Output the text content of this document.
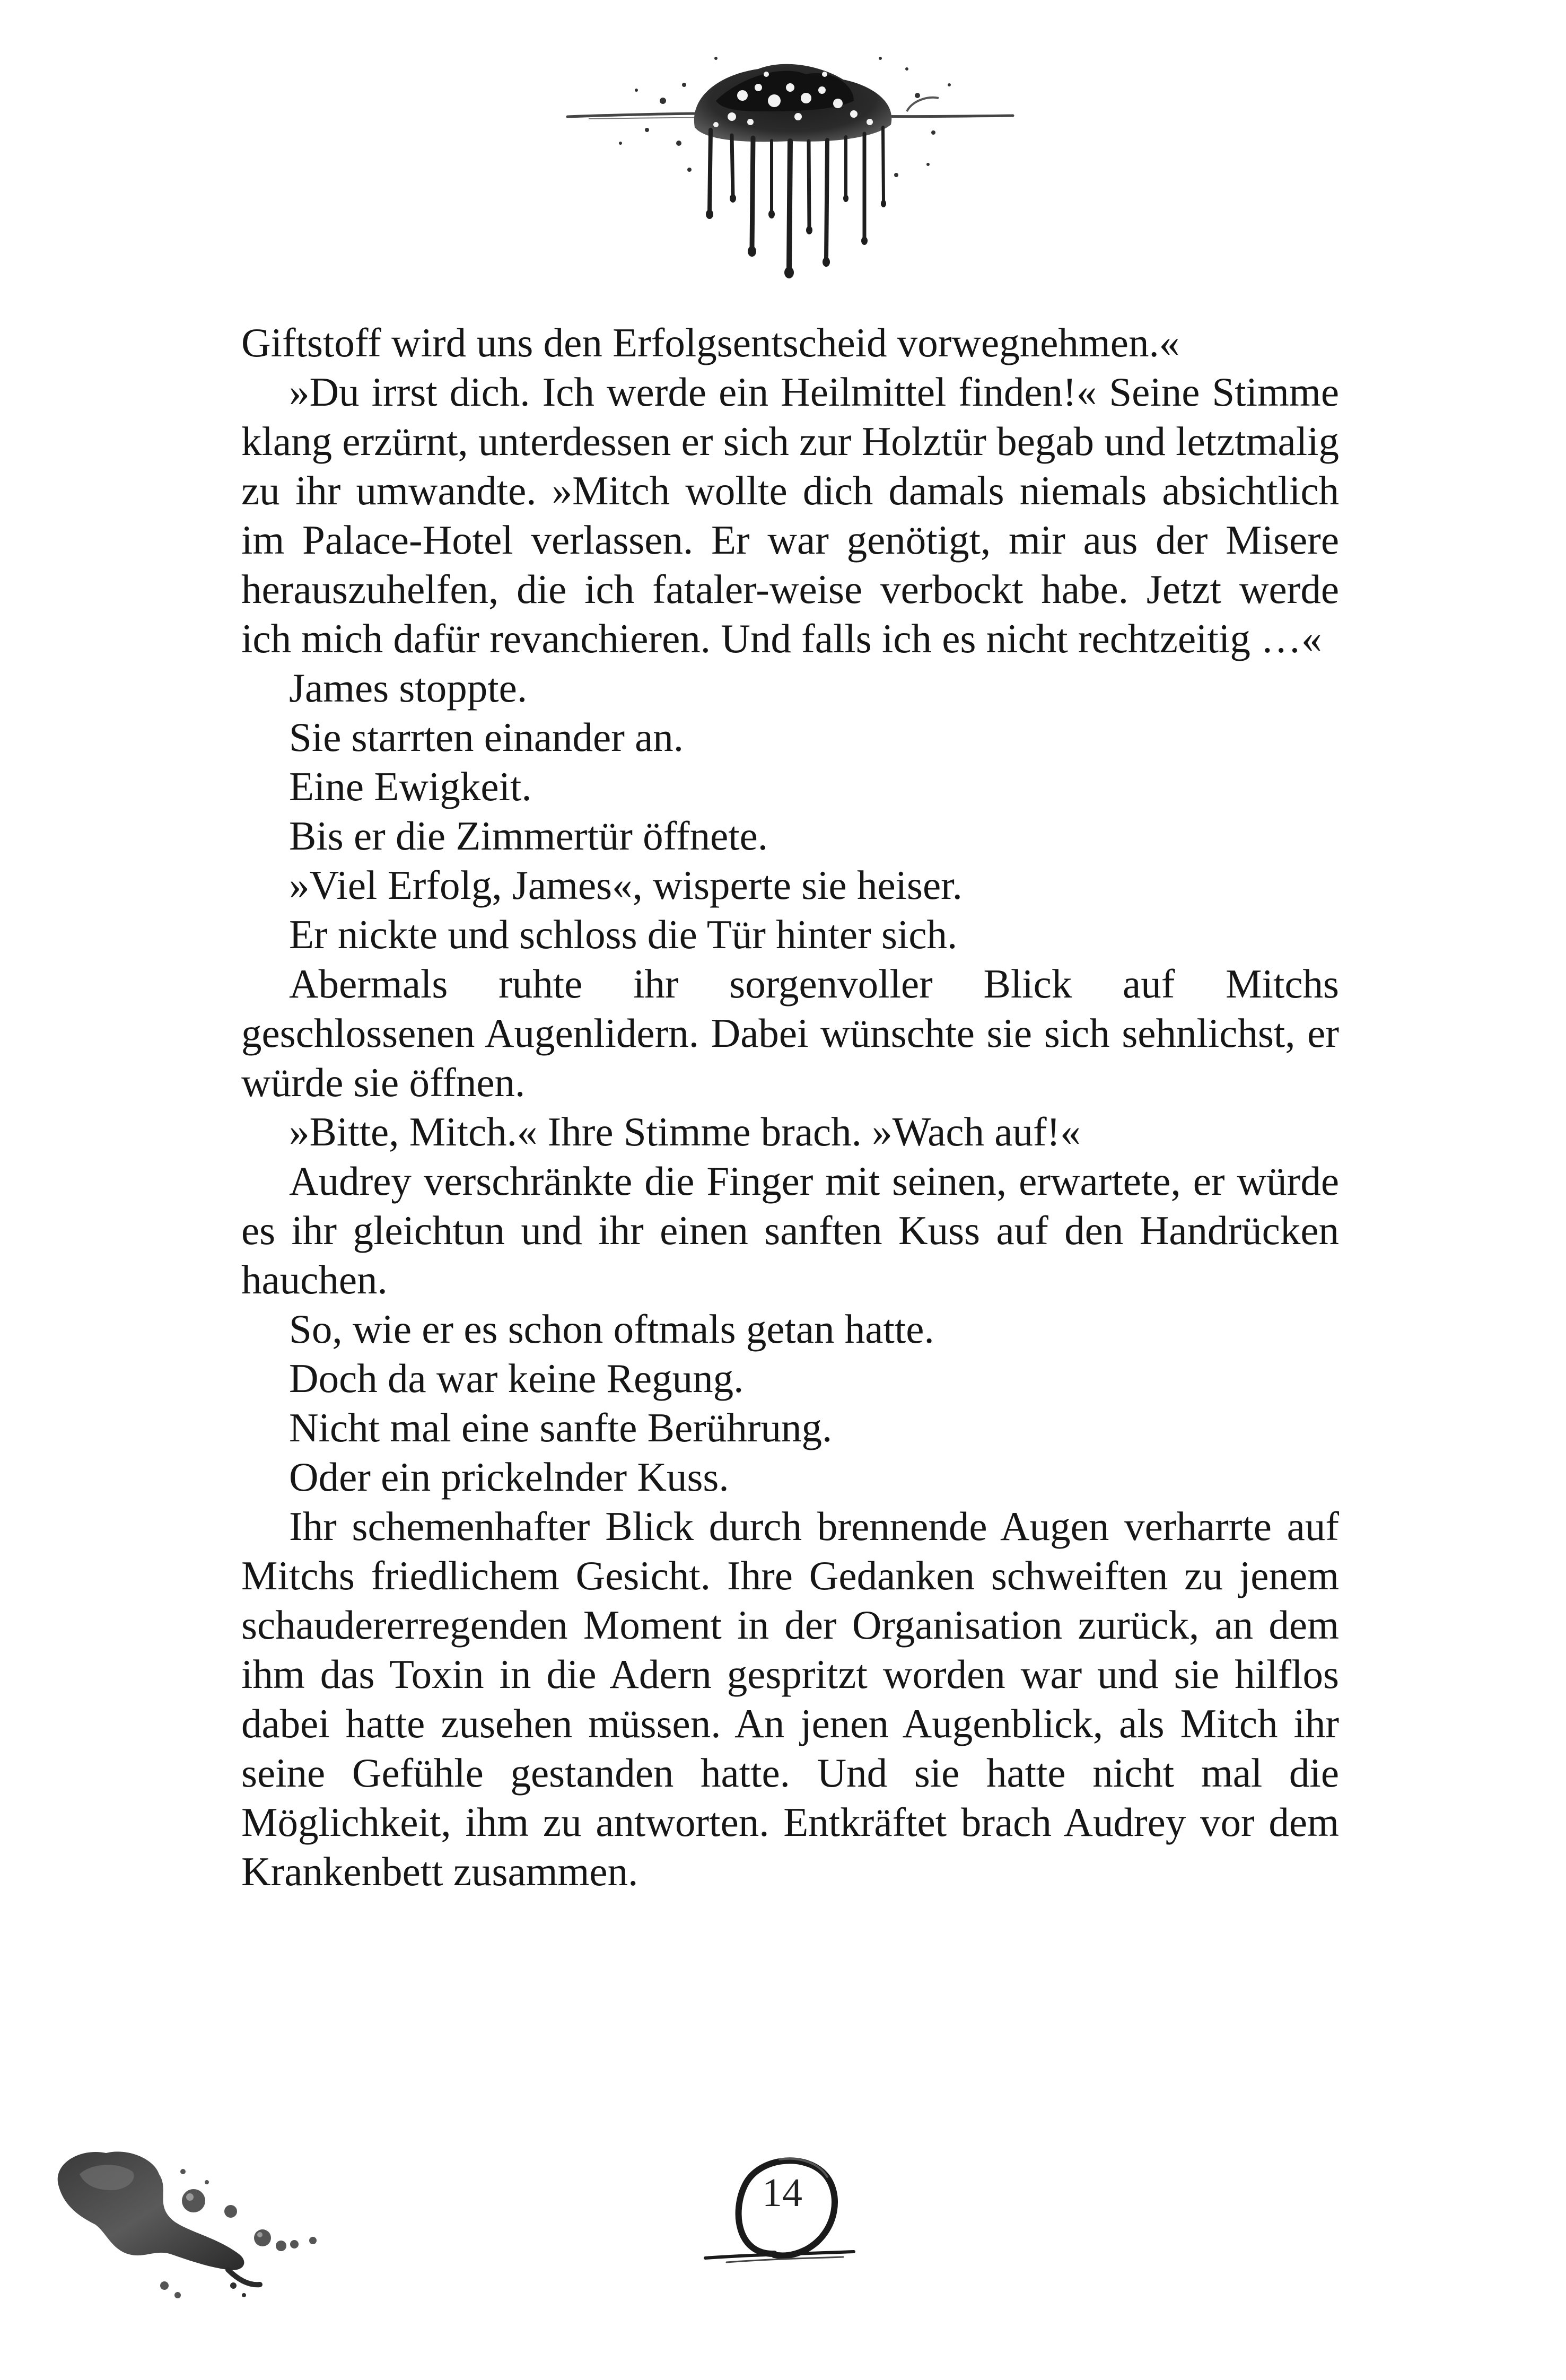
Giftstoff wird uns den Erfolgsentscheid vorwegnehmen.«

»Du irrst dich. Ich werde ein Heilmittel finden!« Seine Stimme klang erzürnt, unterdessen er sich zur Holztür begab und letztmalig zu ihr umwandte. »Mitch wollte dich damals niemals absichtlich im Palace-Hotel verlassen. Er war genötigt, mir aus der Misere herauszuhelfen, die ich fataler-weise verbockt habe. Jetzt werde ich mich dafür revanchieren. Und falls ich es nicht rechtzeitig …«

James stoppte.

Sie starrten einander an.

Eine Ewigkeit.

Bis er die Zimmertür öffnete.

»Viel Erfolg, James«, wisperte sie heiser.

Er nickte und schloss die Tür hinter sich.

Abermals ruhte ihr sorgenvoller Blick auf Mitchs geschlossenen Augenlidern. Dabei wünschte sie sich sehnlichst, er würde sie öffnen.

»Bitte, Mitch.« Ihre Stimme brach. »Wach auf!«

Audrey verschränkte die Finger mit seinen, erwartete, er würde es ihr gleichtun und ihr einen sanften Kuss auf den Handrücken hauchen.

So, wie er es schon oftmals getan hatte.

Doch da war keine Regung.

Nicht mal eine sanfte Berührung.

Oder ein prickelnder Kuss.

Ihr schemenhafter Blick durch brennende Augen verharrte auf Mitchs friedlichem Gesicht. Ihre Gedanken schweiften zu jenem schaudererregenden Moment in der Organisation zurück, an dem ihm das Toxin in die Adern gespritzt worden war und sie hilflos dabei hatte zusehen müssen. An jenen Augenblick, als Mitch ihr seine Gefühle gestanden hatte. Und sie hatte nicht mal die Möglichkeit, ihm zu antworten. Entkräftet brach Audrey vor dem Krankenbett zusammen.

14
